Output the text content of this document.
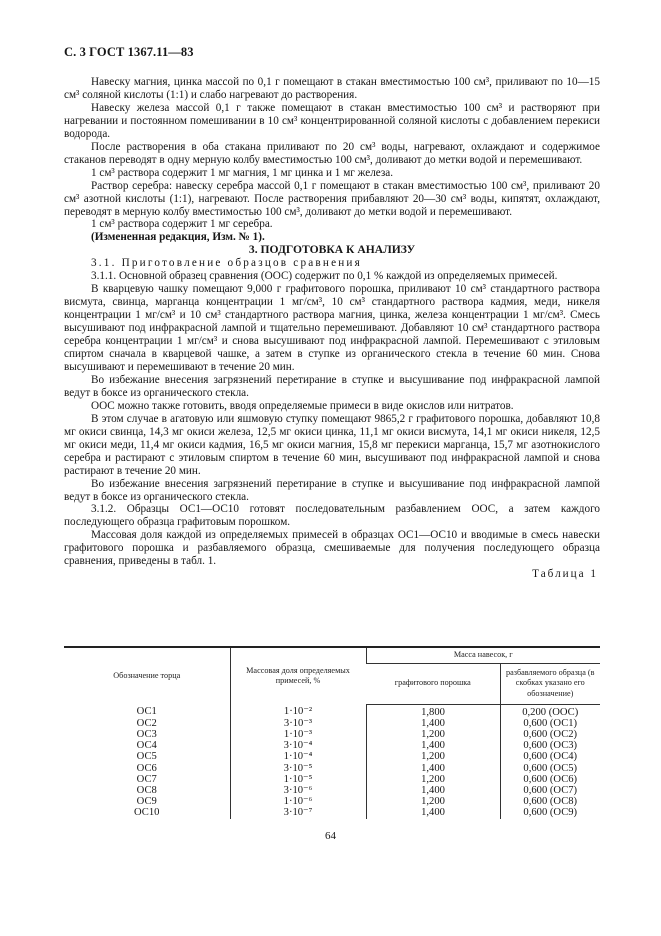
С. 3 ГОСТ 1367.11—83

Навеску магния, цинка массой по 0,1 г помещают в стакан вместимостью 100 см³, приливают по 10—15 см³ соляной кислоты (1:1) и слабо нагревают до растворения.

Навеску железа массой 0,1 г также помещают в стакан вместимостью 100 см³ и растворяют при нагревании и постоянном помешивании в 10 см³ концентрированной соляной кислоты с добавлением перекиси водорода.

После растворения в оба стакана приливают по 20 см³ воды, нагревают, охлаждают и содержимое стаканов переводят в одну мерную колбу вместимостью 100 см³, доливают до метки водой и перемешивают.

1 см³ раствора содержит 1 мг магния, 1 мг цинка и 1 мг железа.

Раствор серебра: навеску серебра массой 0,1 г помещают в стакан вместимостью 100 см³, приливают 20 см³ азотной кислоты (1:1), нагревают. После растворения прибавляют 20—30 см³ воды, кипятят, охлаждают, переводят в мерную колбу вместимостью 100 см³, доливают до метки водой и перемешивают.

1 см³ раствора содержит 1 мг серебра.

(Измененная редакция, Изм. № 1).

3. ПОДГОТОВКА К АНАЛИЗУ

3.1. Приготовление образцов сравнения

3.1.1. Основной образец сравнения (ООС) содержит по 0,1 % каждой из определяемых примесей.

В кварцевую чашку помещают 9,000 г графитового порошка, приливают 10 см³ стандартного раствора висмута, свинца, марганца концентрации 1 мг/см³, 10 см³ стандартного раствора кадмия, меди, никеля концентрации 1 мг/см³ и 10 см³ стандартного раствора магния, цинка, железа концентрации 1 мг/см³. Смесь высушивают под инфракрасной лампой и тщательно перемешивают. Добавляют 10 см³ стандартного раствора серебра концентрации 1 мг/см³ и снова высушивают под инфракрасной лампой. Перемешивают с этиловым спиртом сначала в кварцевой чашке, а затем в ступке из органического стекла в течение 60 мин. Снова высушивают и перемешивают в течение 20 мин.

Во избежание внесения загрязнений перетирание в ступке и высушивание под инфракрасной лампой ведут в боксе из органического стекла.

ООС можно также готовить, вводя определяемые примеси в виде окислов или нитратов.

В этом случае в агатовую или яшмовую ступку помещают 9865,2 г графитового порошка, добавляют 10,8 мг окиси свинца, 14,3 мг окиси железа, 12,5 мг окиси цинка, 11,1 мг окиси висмута, 14,1 мг окиси никеля, 12,5 мг окиси меди, 11,4 мг окиси кадмия, 16,5 мг окиси магния, 15,8 мг перекиси марганца, 15,7 мг азотнокислого серебра и растирают с этиловым спиртом в течение 60 мин, высушивают под инфракрасной лампой и снова растирают в течение 20 мин.

Во избежание внесения загрязнений перетирание в ступке и высушивание под инфракрасной лампой ведут в боксе из органического стекла.

3.1.2. Образцы ОС1—ОС10 готовят последовательным разбавлением ООС, а затем каждого последующего образца графитовым порошком.

Массовая доля каждой из определяемых примесей в образцах ОС1—ОС10 и вводимые в смесь навески графитового порошка и разбавляемого образца, смешиваемые для получения последующего образца сравнения, приведены в табл. 1.

Таблица 1

Обозначение торца	Массовая доля определяемых примесей, %	Масса навесок, г	
		графитового порошка	разбавляемого образца (в скобках указано его обозначение)
ОС1	1·10⁻²	1,800	0,200 (ООС)
ОС2	3·10⁻³	1,400	0,600 (ОС1)
ОС3	1·10⁻³	1,200	0,600 (ОС2)
ОС4	3·10⁻⁴	1,400	0,600 (ОС3)
ОС5	1·10⁻⁴	1,200	0,600 (ОС4)
ОС6	3·10⁻⁵	1,400	0,600 (ОС5)
ОС7	1·10⁻⁵	1,200	0,600 (ОС6)
ОС8	3·10⁻⁶	1,400	0,600 (ОС7)
ОС9	1·10⁻⁶	1,200	0,600 (ОС8)
ОС10	3·10⁻⁷	1,400	0,600 (ОС9)
64
